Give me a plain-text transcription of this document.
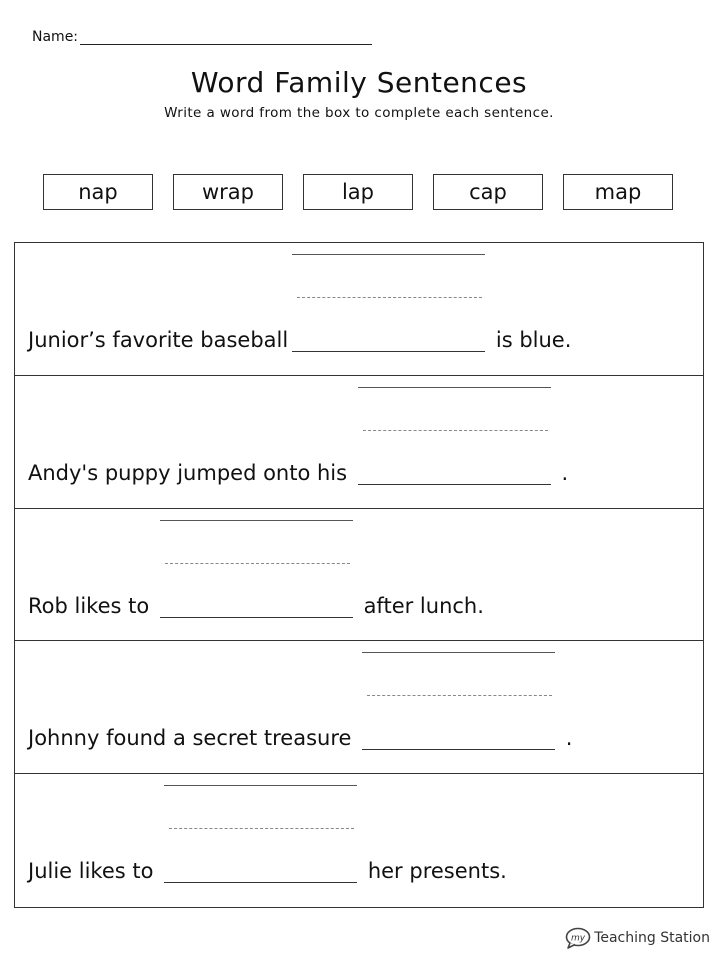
Name:
Word Family Sentences
Write a word from the box to complete each sentence.
nap	wrap	lap	cap	map
Junior’s favorite baseball	is blue.
Andy's puppy jumped onto his	.
Rob likes to	after lunch.
Johnny found a secret treasure	.
Julie likes to	her presents.
my Teaching Station
